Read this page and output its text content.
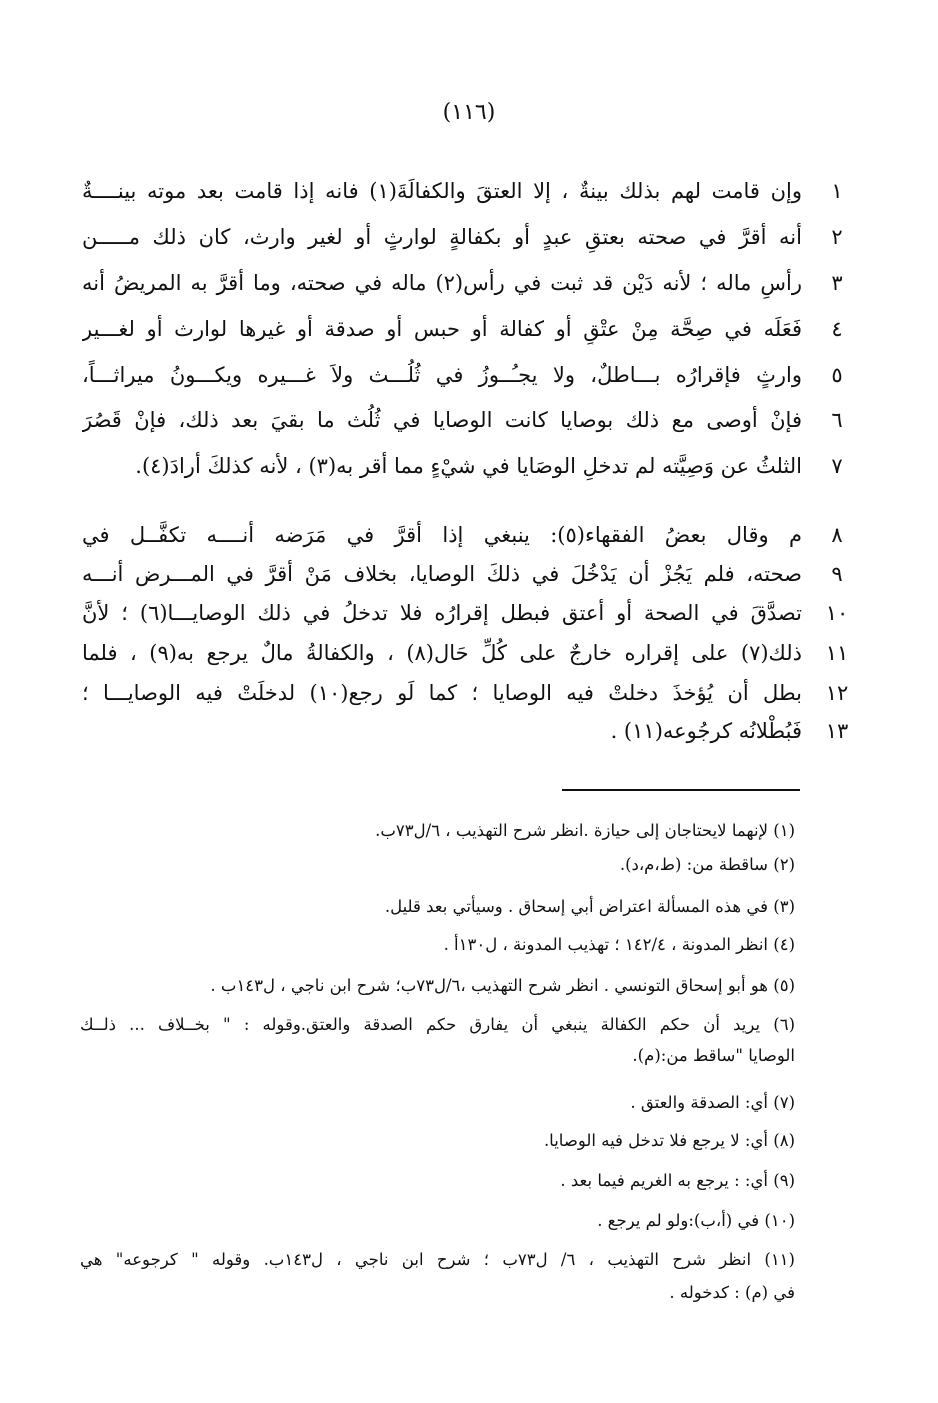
(١١٦)
وإن قامت لهم بذلك بينةٌ ، إلا العتقَ والكفالَةَ(١) فانه إذا قامت بعد موته بينــــةٌ	١
أنه أقرَّ في صحته بعتقِ عبدٍ أو بكفالةٍ لوارثٍ أو لغير وارث، كان ذلك مـــــن	٢
رأسِ ماله ؛ لأنه دَيْن قد ثبت في رأس(٢) ماله في صحته، وما أقرَّ به المريضُ أنه	٣
فَعَلَه في صِحَّة مِنْ عتْقٍ أو كفالة أو حبس أو صدقة أو غيرها لوارث أو لغـــير	٤
وارثٍ فإقرارُه بـــاطلٌ، ولا يجـُــوزُ في ثُلُـــث ولاَ غـــيره ويكـــونُ ميراثـــاً،	٥
فإنْ أوصى مع ذلك بوصايا كانت الوصايا في ثُلُث ما بقيَ بعد ذلك، فإنْ قَصُرَ	٦
الثلثُ عن وَصِيَّته لم تدخلِ الوصَايا في شيْءٍ مما أقر به(٣) ، لأنه كذلكَ أرادَ(٤).	٧
م وقال بعضُ الفقهاء(٥): ينبغي إذا أقرَّ في مَرَضه أنــــه تكفَّــل في	٨
صحته، فلم يَجُزْ أن يَدْخُلَ في ذلكَ الوصايا، بخلاف مَنْ أقرَّ في المـــرض أنـــه	٩
تصدَّقَ في الصحة أو أعتق فبطل إقرارُه فلا تدخلُ في ذلك الوصايـــا(٦) ؛ لأنَّ	١٠
ذلك(٧) على إقراره خارجٌ على كُلِّ حَال(٨) ، والكفالةُ مالٌ يرجع به(٩) ، فلما	١١
بطل أن يُؤخذَ دخلتْ فيه الوصايا ؛ كما لَو رجع(١٠) لدخلَتْ فيه الوصايـــا ؛	١٢
فَبُطْلانُه كرجُوعه(١١) .	١٣
(١) لإنهما لايحتاجان إلى حيازة .انظر شرح التهذيب ، ٦/ل٧٣ب.
(٢) ساقطة من: (ط،م،د).
(٣) في هذه المسألة اعتراض أبي إسحاق . وسيأتي بعد قليل.
(٤) انظر المدونة ، ١٤٢/٤ ؛ تهذيب المدونة ، ل١٣٠أ .
(٥) هو أبو إسحاق التونسي . انظر شرح التهذيب ،٦/ل٧٣ب؛ شرح ابن ناجي ، ل١٤٣ب .
(٦) يريد أن حكم الكفالة ينبغي أن يفارق حكم الصدقة والعتق.وقوله : " بخــلاف ... ذلــك
الوصايا "ساقط من:(م).
(٧) أي: الصدقة والعتق .
(٨) أي: لا يرجع فلا تدخل فيه الوصايا.
(٩) أي: : يرجع به الغريم فيما بعد .
(١٠) في (أ،ب):ولو لم يرجع .
(١١) انظر شرح التهذيب ، ٦/ ل٧٣ب ؛ شرح ابن ناجي ، ل١٤٣ب. وقوله " كرجوعه" هي
في (م) : كدخوله .
